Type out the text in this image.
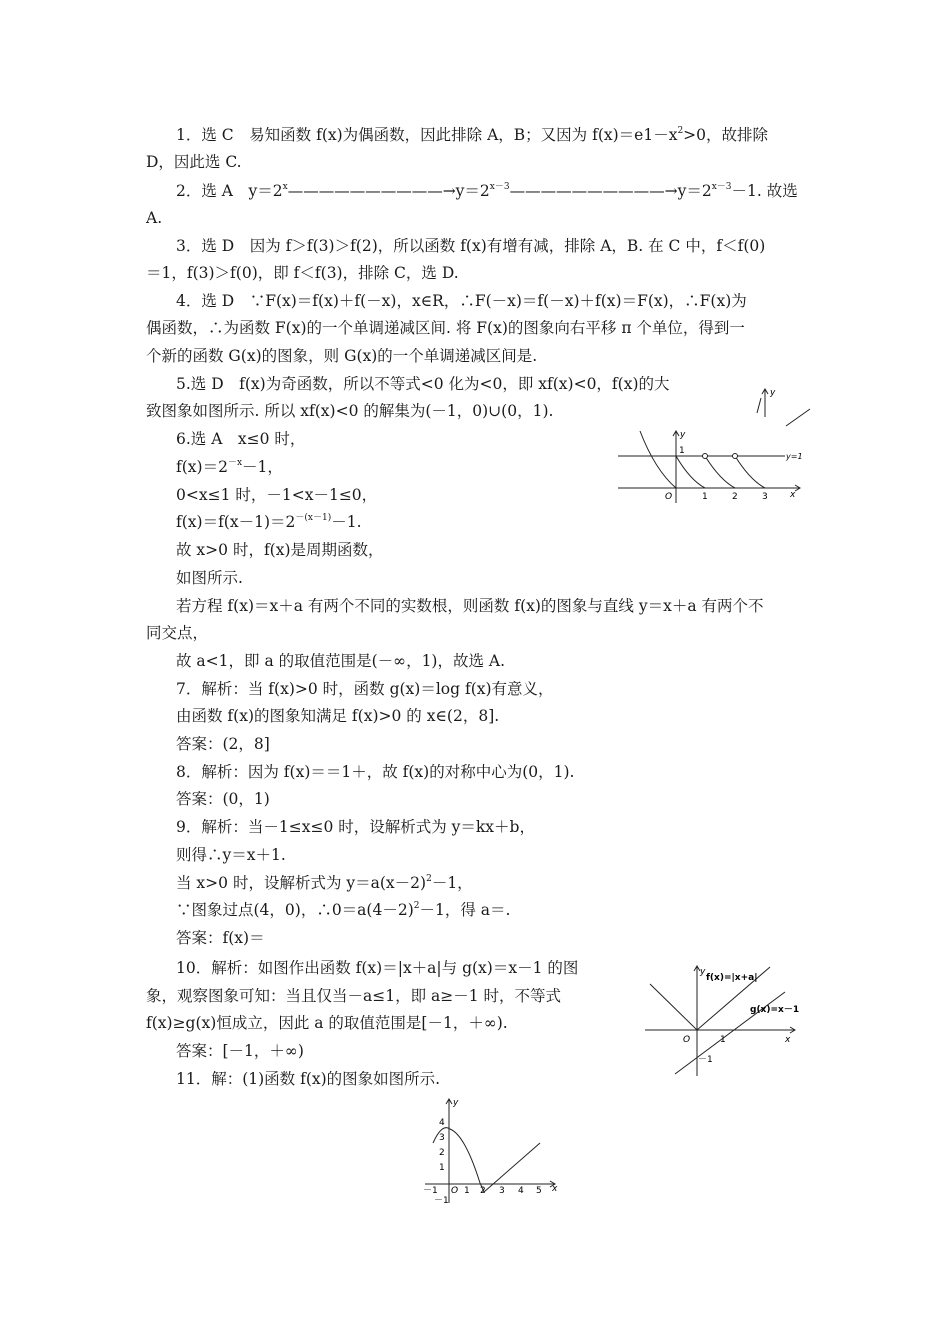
1．选 C　易知函数 f(x)为偶函数，因此排除 A，B；又因为 $f(x)=e1-x^2>0$，故排除
D，因此选 C.
2．选 A　$y=2^x——————————\to y=2^{x-3}——————————\to y=2^{x-3}-1$. 故选
A.
3．选 D　因为 f＞f(3)＞f(2)，所以函数 f(x)有增有减，排除 A，B. 在 C 中，f＜f(0)
＝1，f(3)＞f(0)，即 f＜f(3)，排除 C，选 D.
4．选 D　∵F(x)＝f(x)＋f(－x)，x∈R，∴F(－x)＝f(－x)＋f(x)＝F(x)，∴F(x)为
偶函数，∴为函数 F(x)的一个单调递减区间. 将 F(x)的图象向右平移 π 个单位，得到一
个新的函数 G(x)的图象，则 G(x)的一个单调递减区间是.
5.选 D　f(x)为奇函数，所以不等式<0 化为<0，即 xf(x)<0，f(x)的大
致图象如图所示. 所以 xf(x)<0 的解集为(－1，0)∪(0，1).
6.选 A　x≤0 时，
$f(x)=2^{-x}-1$，
0<x≤1 时，－1<x－1≤0，
$f(x)=f(x-1)=2^{-(x-1)}-1$.
故 x>0 时，f(x)是周期函数，
如图所示.
若方程 f(x)＝x＋a 有两个不同的实数根，则函数 f(x)的图象与直线 y＝x＋a 有两个不
同交点，
故 a<1，即 a 的取值范围是(－∞，1)，故选 A.
7．解析：当 f(x)>0 时，函数 g(x)＝log f(x)有意义，
由函数 f(x)的图象知满足 f(x)>0 的 x∈(2，8].
答案：(2，8]
8．解析：因为 f(x)＝＝1＋，故 f(x)的对称中心为(0，1).
答案：(0，1)
9．解析：当－1≤x≤0 时，设解析式为 y＝kx＋b，
则得∴y＝x＋1.
当 x>0 时，设解析式为 $y=a(x-2)^2-1$，
∵图象过点(4，0)，$\therefore 0=a(4-2)^2-1$，得 a＝.
答案：f(x)＝
10．解析：如图作出函数 f(x)＝|x＋a|与 g(x)＝x－1 的图
象，观察图象可知：当且仅当－a≤1，即 a≥－1 时，不等式
f(x)≥g(x)恒成立，因此 a 的取值范围是[－1，＋∞).
答案：[－1，＋∞)
11．解：(1)函数 f(x)的图象如图所示.
y
x
y
y=1
1
O	1	2	3
x
y
f(x)=|x+a|
g(x)=x－1
O	1
－1
x
y
4
3
2
1
－1
－1 O 1 2 3 4 5
